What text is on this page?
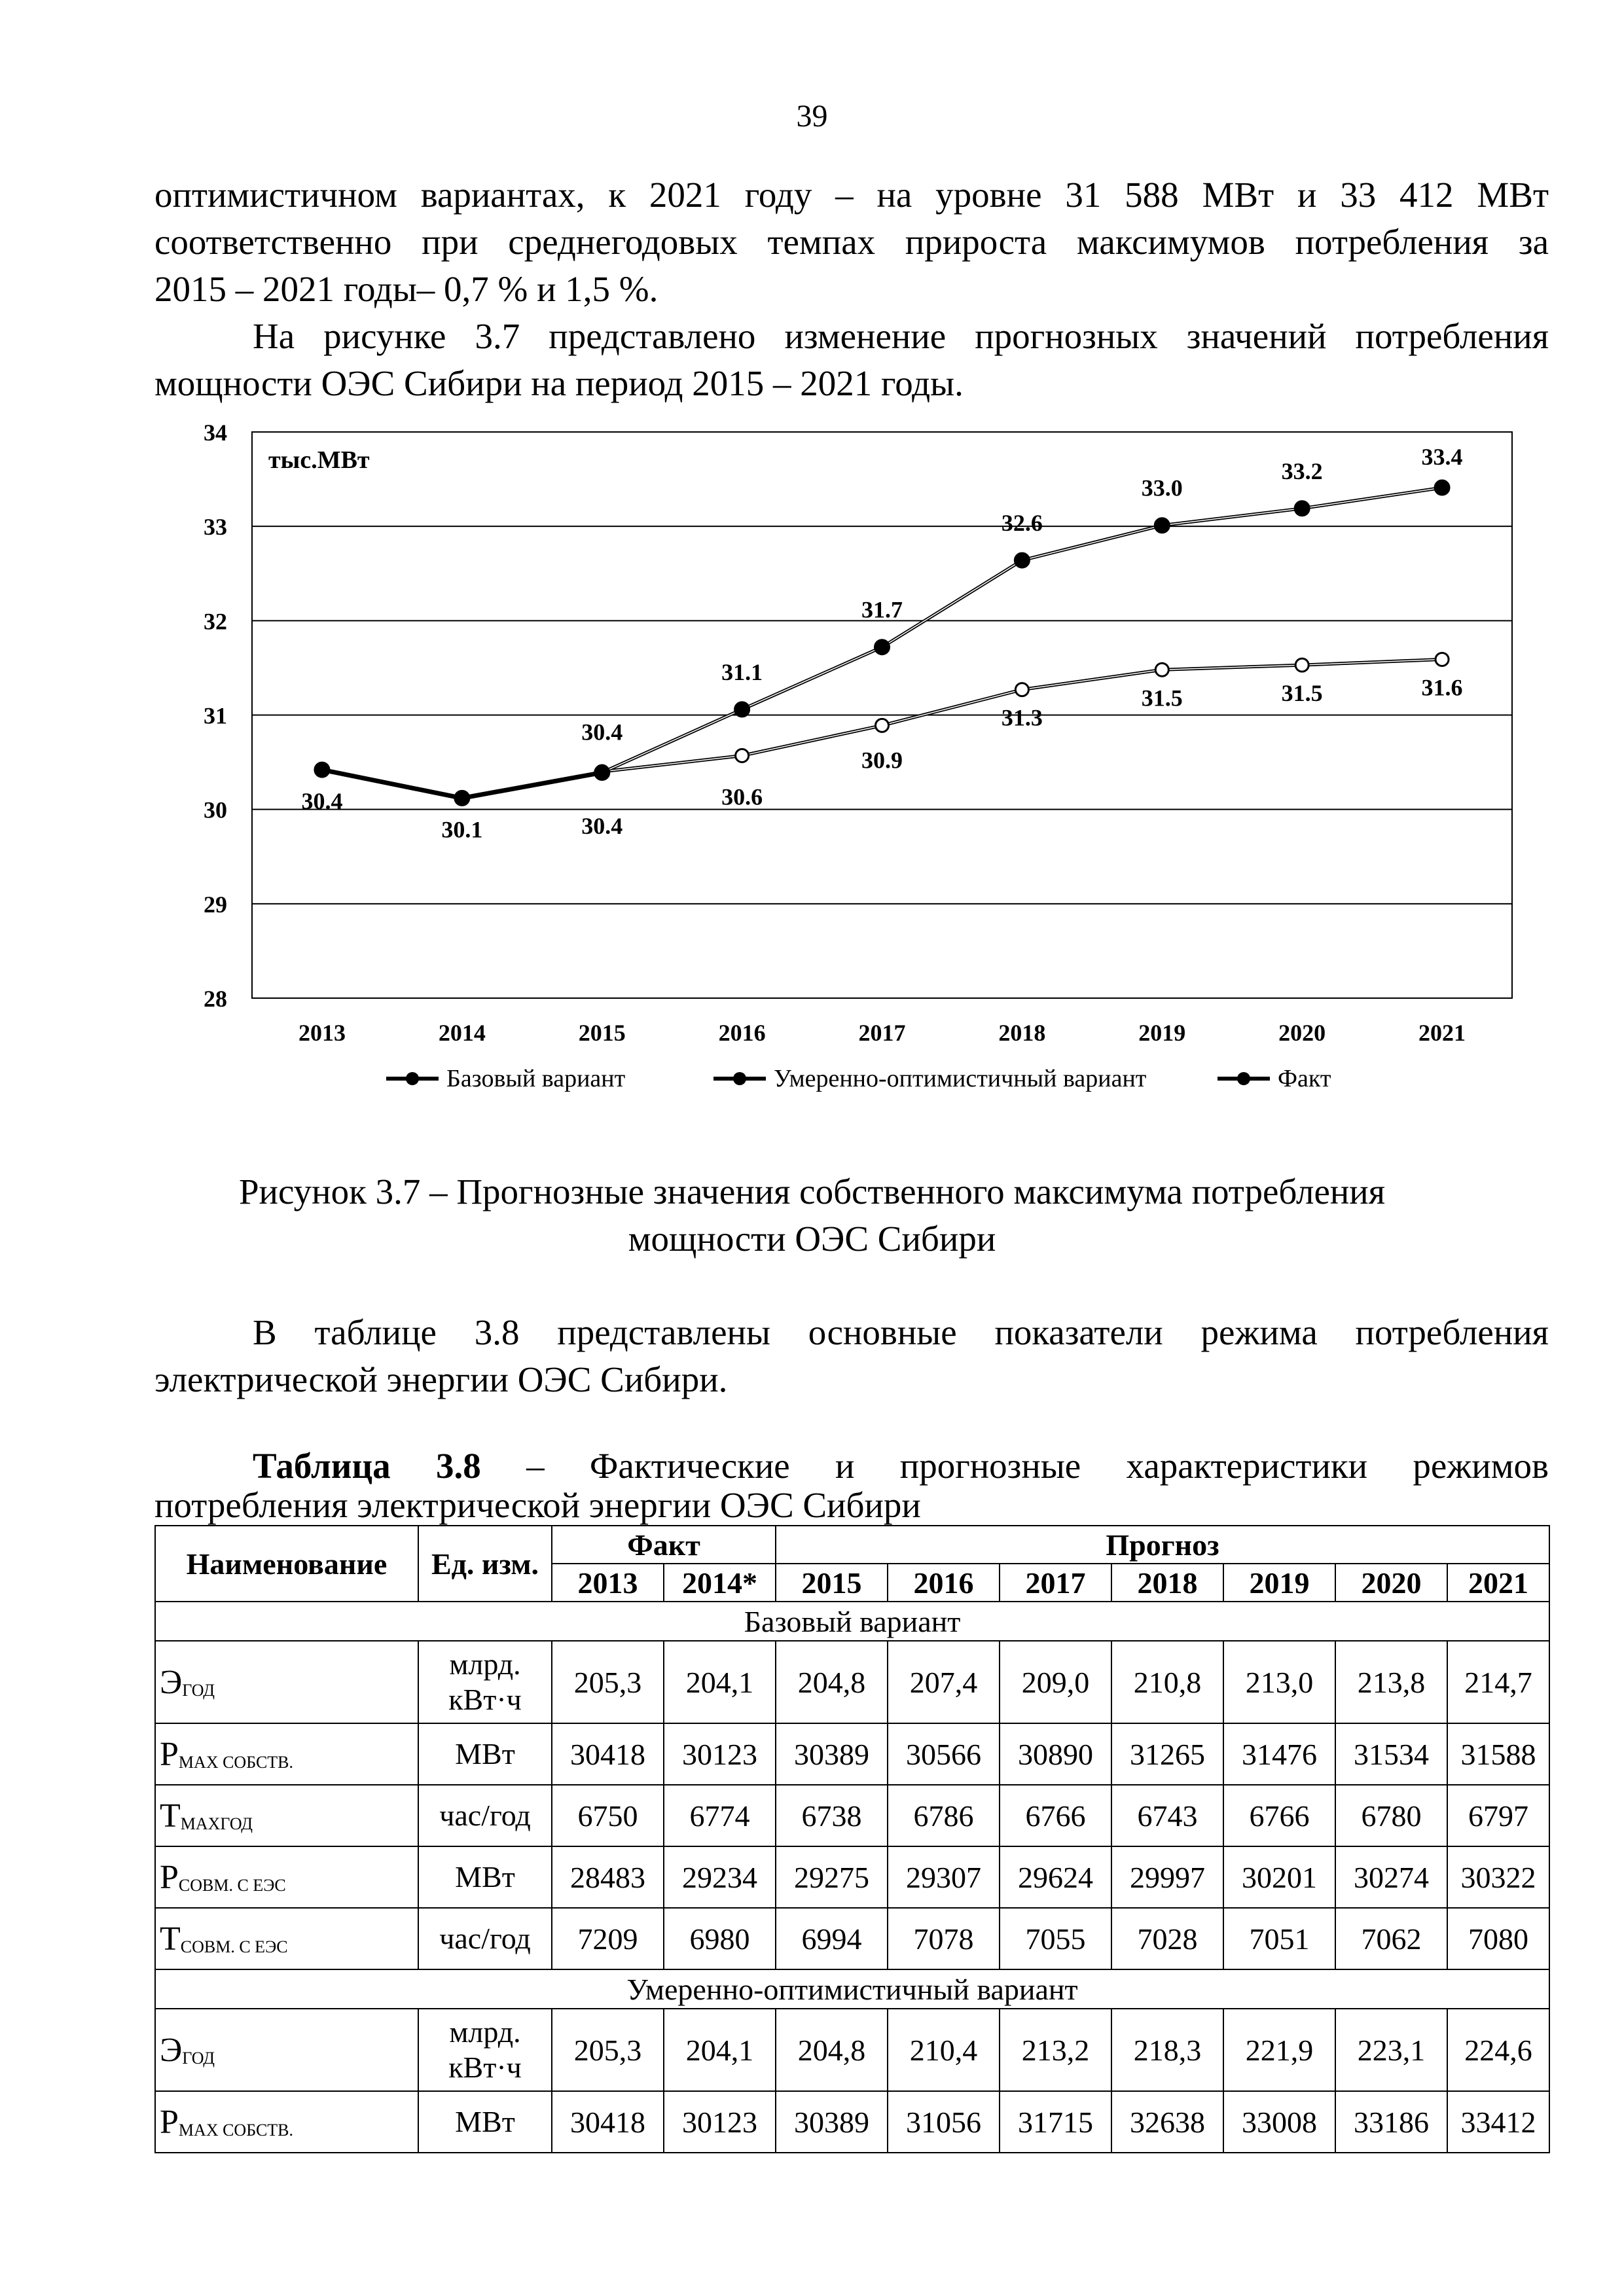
39

оптимистичном вариантах, к 2021 году – на уровне 31 588 МВт и 33 412 МВт
соответственно при среднегодовых темпах прироста максимумов потребления за
2015 – 2021 годы– 0,7 % и 1,5 %.

На рисунке 3.7 представлено изменение прогнозных значений потребления
мощности ОЭС Сибири на период 2015 – 2021 годы.

28
29
30
31
32
33
34
2013	2014	2015	2016	2017	2018	2019	2020	2021
тыс.МВт
30.4
30.6
30.9
31.3
31.5	31.5	31.6
30.4
31.1
31.7
32.6
33.0
33.2
33.4
30.4
30.1
Базовый вариант	Умеренно-оптимистичный вариант	Факт
Рисунок 3.7 – Прогнозные значения собственного максимума потребления
мощности ОЭС Сибири

В таблице 3.8 представлены основные показатели режима потребления
электрической энергии ОЭС Сибири.

Таблица 3.8 – Фактические и прогнозные характеристики режимов
потребления электрической энергии ОЭС Сибири
Наименование	Ед. изм.	Факт		Прогноз						
		2013	2014*	2015	2016	2017	2018	2019	2020	2021
Базовый вариант										
$Э_{ГОД}$	млрд. кВт·ч	205,3	204,1	204,8	207,4	209,0	210,8	213,0	213,8	214,7
$P_{MAX СОБСТВ.}$	МВт	30418	30123	30389	30566	30890	31265	31476	31534	31588
$T_{MAXГОД}$	час/год	6750	6774	6738	6786	6766	6743	6766	6780	6797
$P_{СОВМ. С ЕЭС}$	МВт	28483	29234	29275	29307	29624	29997	30201	30274	30322
$T_{СОВМ. С ЕЭС}$	час/год	7209	6980	6994	7078	7055	7028	7051	7062	7080
Умеренно-оптимистичный вариант										
$Э_{ГОД}$	млрд. кВт·ч	205,3	204,1	204,8	210,4	213,2	218,3	221,9	223,1	224,6
$P_{MAX СОБСТВ.}$	МВт	30418	30123	30389	31056	31715	32638	33008	33186	33412
